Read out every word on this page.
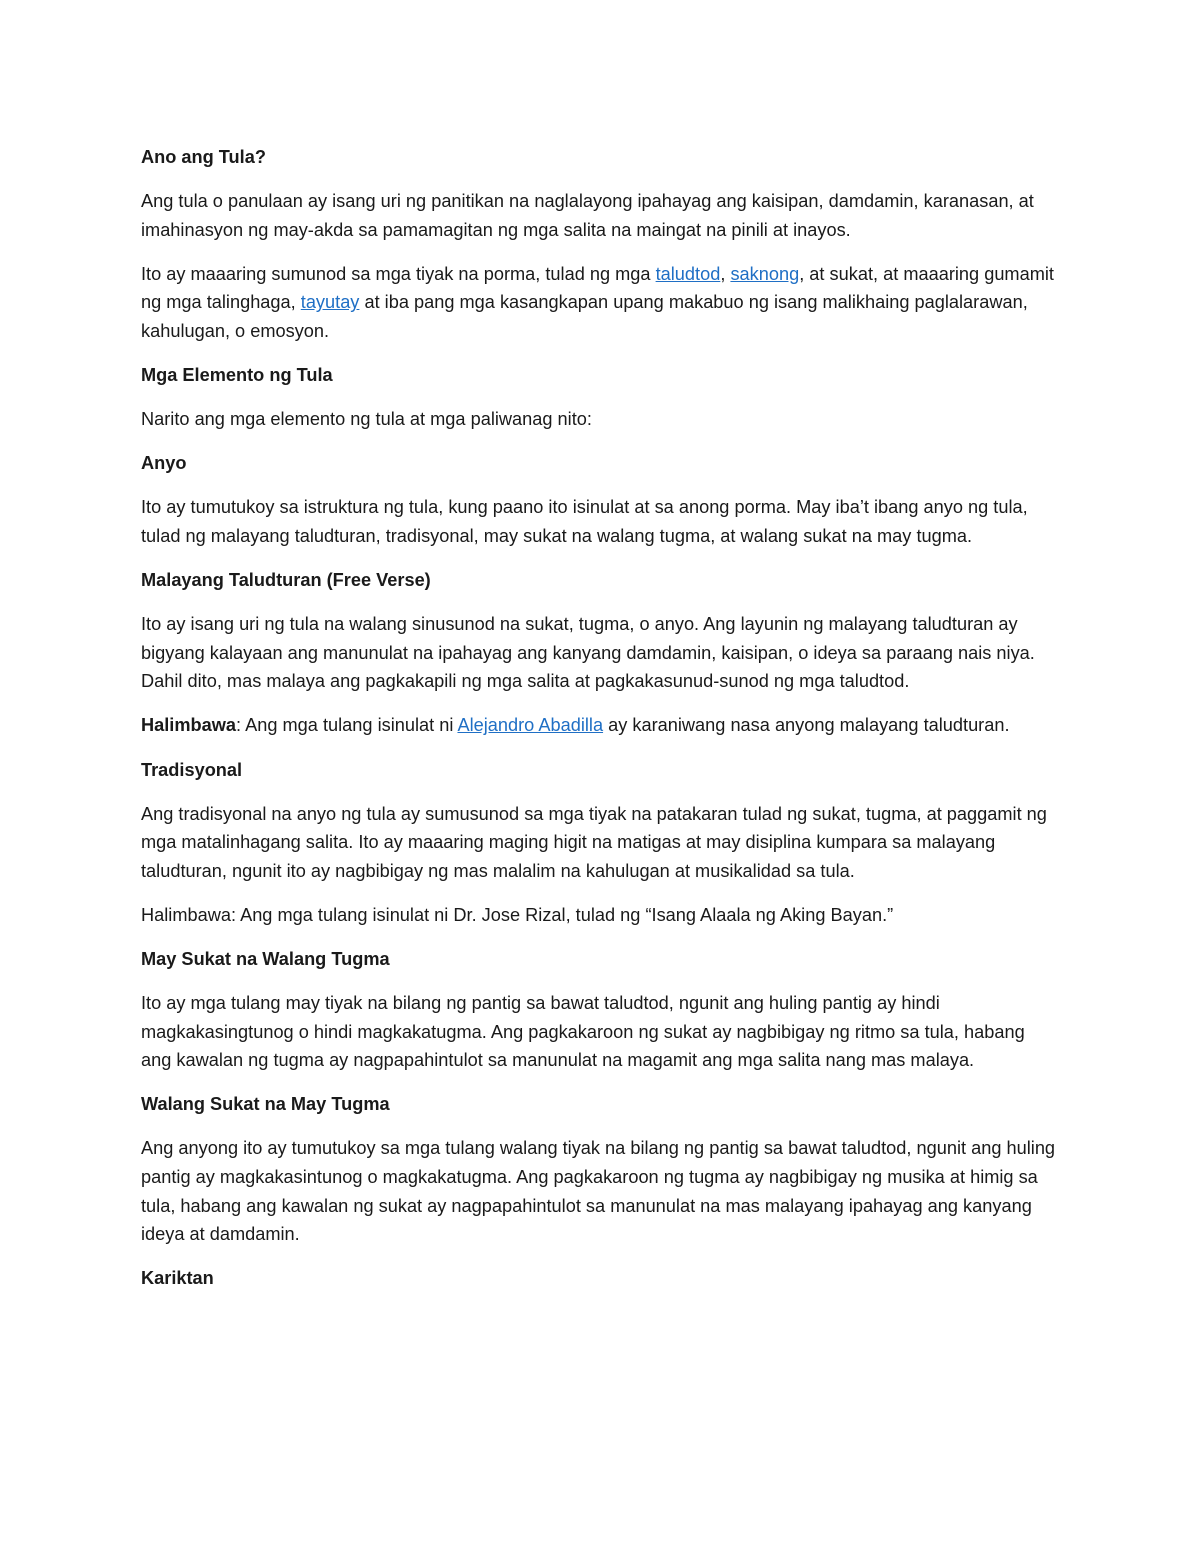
Ano ang Tula?

Ang tula o panulaan ay isang uri ng panitikan na naglalayong ipahayag ang kaisipan, damdamin, karanasan, at imahinasyon ng may-akda sa pamamagitan ng mga salita na maingat na pinili at inayos.

Ito ay maaaring sumunod sa mga tiyak na porma, tulad ng mga taludtod, saknong, at sukat, at maaaring gumamit ng mga talinghaga, tayutay at iba pang mga kasangkapan upang makabuo ng isang malikhaing paglalarawan, kahulugan, o emosyon.

Mga Elemento ng Tula

Narito ang mga elemento ng tula at mga paliwanag nito:

Anyo

Ito ay tumutukoy sa istruktura ng tula, kung paano ito isinulat at sa anong porma. May iba’t ibang anyo ng tula, tulad ng malayang taludturan, tradisyonal, may sukat na walang tugma, at walang sukat na may tugma.

Malayang Taludturan (Free Verse)

Ito ay isang uri ng tula na walang sinusunod na sukat, tugma, o anyo. Ang layunin ng malayang taludturan ay bigyang kalayaan ang manunulat na ipahayag ang kanyang damdamin, kaisipan, o ideya sa paraang nais niya. Dahil dito, mas malaya ang pagkakapili ng mga salita at pagkakasunud-sunod ng mga taludtod.

Halimbawa: Ang mga tulang isinulat ni Alejandro Abadilla ay karaniwang nasa anyong malayang taludturan.

Tradisyonal

Ang tradisyonal na anyo ng tula ay sumusunod sa mga tiyak na patakaran tulad ng sukat, tugma, at paggamit ng mga matalinhagang salita. Ito ay maaaring maging higit na matigas at may disiplina kumpara sa malayang taludturan, ngunit ito ay nagbibigay ng mas malalim na kahulugan at musikalidad sa tula.

Halimbawa: Ang mga tulang isinulat ni Dr. Jose Rizal, tulad ng “Isang Alaala ng Aking Bayan.”

May Sukat na Walang Tugma

Ito ay mga tulang may tiyak na bilang ng pantig sa bawat taludtod, ngunit ang huling pantig ay hindi magkakasingtunog o hindi magkakatugma. Ang pagkakaroon ng sukat ay nagbibigay ng ritmo sa tula, habang ang kawalan ng tugma ay nagpapahintulot sa manunulat na magamit ang mga salita nang mas malaya.

Walang Sukat na May Tugma

Ang anyong ito ay tumutukoy sa mga tulang walang tiyak na bilang ng pantig sa bawat taludtod, ngunit ang huling pantig ay magkakasintunog o magkakatugma. Ang pagkakaroon ng tugma ay nagbibigay ng musika at himig sa tula, habang ang kawalan ng sukat ay nagpapahintulot sa manunulat na mas malayang ipahayag ang kanyang ideya at damdamin.

Kariktan
